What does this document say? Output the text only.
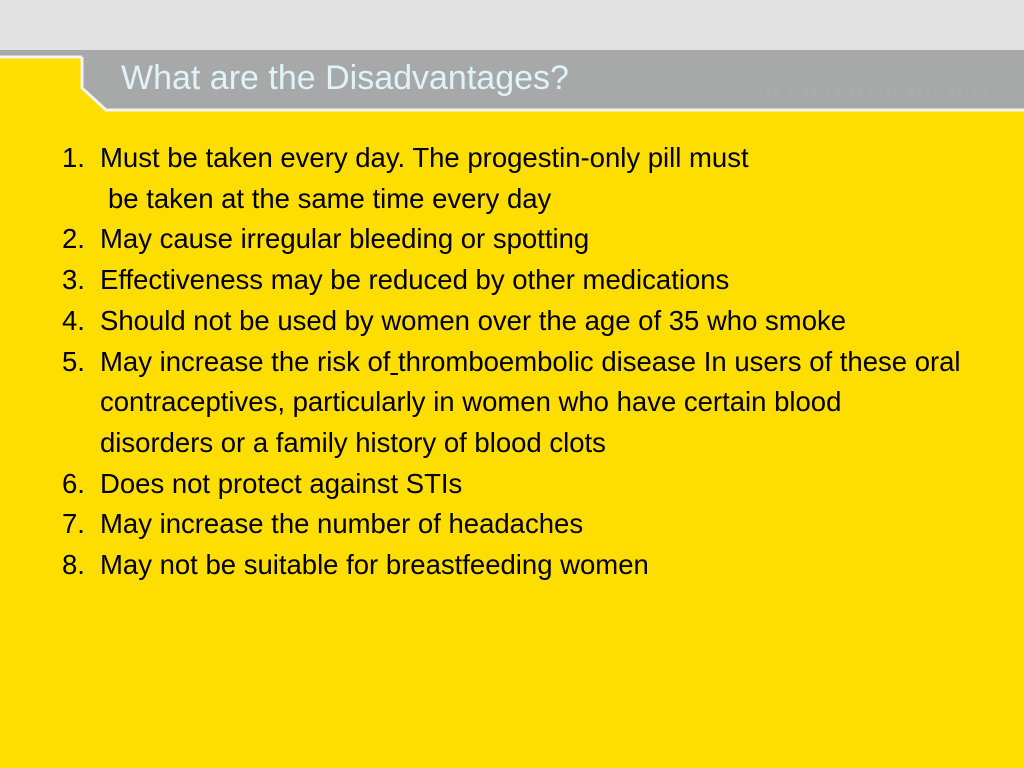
What are the Disadvantages?	YOUR LINK TO SEXUAL WELL-BEING
1. Must be taken every day. The progestin-only pill must
be taken at the same time every day
2. May cause irregular bleeding or spotting
3. Effectiveness may be reduced by other medications
4. Should not be used by women over the age of 35 who smoke
5. May increase the risk of thromboembolic disease In users of these oral contraceptives, particularly in women who have certain blood disorders or a family history of blood clots
6. Does not protect against STIs
7. May increase the number of headaches
8. May not be suitable for breastfeeding women
